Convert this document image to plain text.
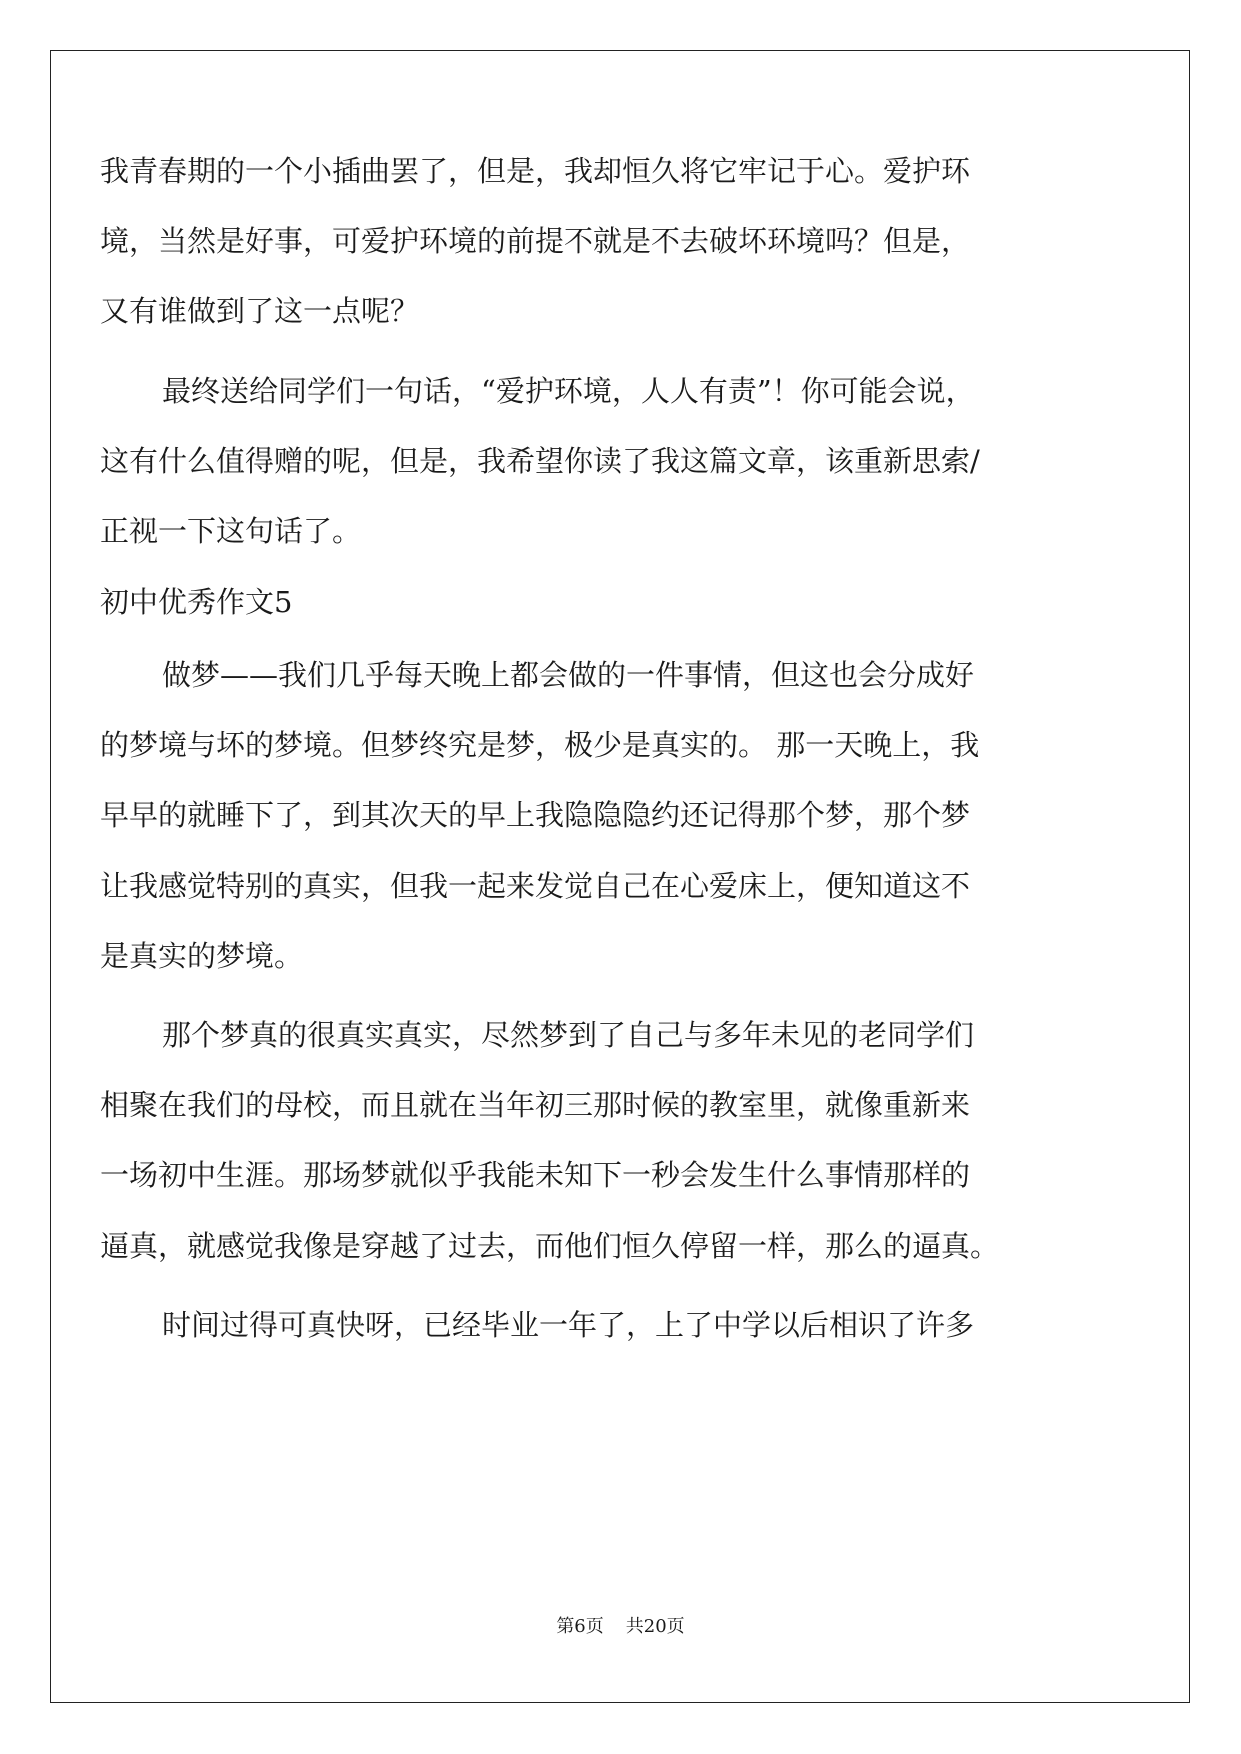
我青春期的一个小插曲罢了，但是，我却恒久将它牢记于心。爱护环
境，当然是好事，可爱护环境的前提不就是不去破坏环境吗？但是，
又有谁做到了这一点呢？
最终送给同学们一句话，“爱护环境，人人有责”！你可能会说，
这有什么值得赠的呢，但是，我希望你读了我这篇文章，该重新思索/
正视一下这句话了。
初中优秀作文5
做梦——我们几乎每天晚上都会做的一件事情，但这也会分成好
的梦境与坏的梦境。但梦终究是梦，极少是真实的。 那一天晚上，我
早早的就睡下了，到其次天的早上我隐隐隐约还记得那个梦，那个梦
让我感觉特别的真实，但我一起来发觉自己在心爱床上，便知道这不
是真实的梦境。
那个梦真的很真实真实，尽然梦到了自己与多年未见的老同学们
相聚在我们的母校，而且就在当年初三那时候的教室里，就像重新来
一场初中生涯。那场梦就似乎我能未知下一秒会发生什么事情那样的
逼真，就感觉我像是穿越了过去，而他们恒久停留一样，那么的逼真。
时间过得可真快呀，已经毕业一年了，上了中学以后相识了许多
第6页 共20页
